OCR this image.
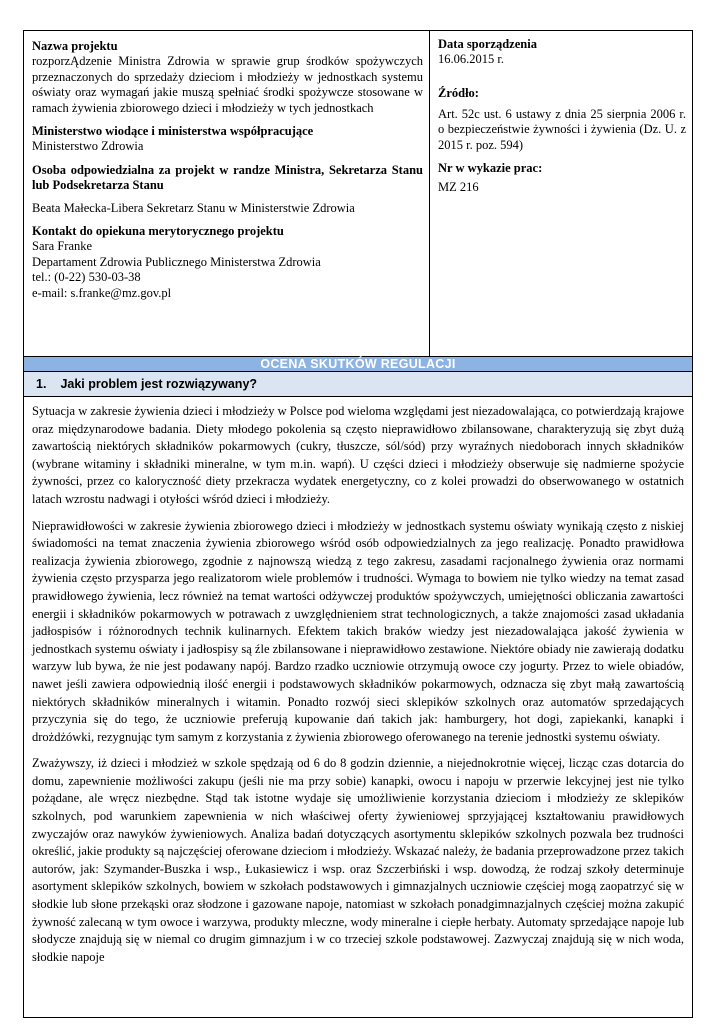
Nazwa projektu
rozporzĄdzenie Ministra Zdrowia w sprawie grup środków spożywczych przeznaczonych do sprzedaży dzieciom i młodzieży w jednostkach systemu oświaty oraz wymagań jakie muszą spełniać środki spożywcze stosowane w ramach żywienia zbiorowego dzieci i młodzieży w tych jednostkach
Ministerstwo wiodące i ministerstwa współpracujące
Ministerstwo Zdrowia
Osoba odpowiedzialna za projekt w randze Ministra, Sekretarza Stanu lub Podsekretarza Stanu
Beata Małecka-Libera Sekretarz Stanu w Ministerstwie Zdrowia
Kontakt do opiekuna merytorycznego projektu
Sara Franke
Departament Zdrowia Publicznego Ministerstwa Zdrowia
tel.: (0-22) 530-03-38
e-mail: s.franke@mz.gov.pl
Data sporządzenia
16.06.2015 r.
Źródło:
Art. 52c ust. 6 ustawy z dnia 25 sierpnia 2006 r. o bezpieczeństwie żywności i żywienia (Dz. U. z 2015 r. poz. 594)
Nr w wykazie prac:
MZ 216
OCENA SKUTKÓW REGULACJI
1. Jaki problem jest rozwiązywany?

Sytuacja w zakresie żywienia dzieci i młodzieży w Polsce pod wieloma względami jest niezadowalająca, co potwierdzają krajowe oraz międzynarodowe badania. Diety młodego pokolenia są często nieprawidłowo zbilansowane, charakteryzują się zbyt dużą zawartością niektórych składników pokarmowych (cukry, tłuszcze, sól/sód) przy wyraźnych niedoborach innych składników (wybrane witaminy i składniki mineralne, w tym m.in. wapń). U części dzieci i młodzieży obserwuje się nadmierne spożycie żywności, przez co kaloryczność diety przekracza wydatek energetyczny, co z kolei prowadzi do obserwowanego w ostatnich latach wzrostu nadwagi i otyłości wśród dzieci i młodzieży.

Nieprawidłowości w zakresie żywienia zbiorowego dzieci i młodzieży w jednostkach systemu oświaty wynikają często z niskiej świadomości na temat znaczenia żywienia zbiorowego wśród osób odpowiedzialnych za jego realizację. Ponadto prawidłowa realizacja żywienia zbiorowego, zgodnie z najnowszą wiedzą z tego zakresu, zasadami racjonalnego żywienia oraz normami żywienia często przysparza jego realizatorom wiele problemów i trudności. Wymaga to bowiem nie tylko wiedzy na temat zasad prawidłowego żywienia, lecz również na temat wartości odżywczej produktów spożywczych, umiejętności obliczania zawartości energii i składników pokarmowych w potrawach z uwzględnieniem strat technologicznych, a także znajomości zasad układania jadłospisów i różnorodnych technik kulinarnych. Efektem takich braków wiedzy jest niezadowalająca jakość żywienia w jednostkach systemu oświaty i jadłospisy są źle zbilansowane i nieprawidłowo zestawione. Niektóre obiady nie zawierają dodatku warzyw lub bywa, że nie jest podawany napój. Bardzo rzadko uczniowie otrzymują owoce czy jogurty. Przez to wiele obiadów, nawet jeśli zawiera odpowiednią ilość energii i podstawowych składników pokarmowych, odznacza się zbyt małą zawartością niektórych składników mineralnych i witamin. Ponadto rozwój sieci sklepików szkolnych oraz automatów sprzedających przyczynia się do tego, że uczniowie preferują kupowanie dań takich jak: hamburgery, hot dogi, zapiekanki, kanapki i drożdżówki, rezygnując tym samym z korzystania z żywienia zbiorowego oferowanego na terenie jednostki systemu oświaty.

Zważywszy, iż dzieci i młodzież w szkole spędzają od 6 do 8 godzin dziennie, a niejednokrotnie więcej, licząc czas dotarcia do domu, zapewnienie możliwości zakupu (jeśli nie ma przy sobie) kanapki, owocu i napoju w przerwie lekcyjnej jest nie tylko pożądane, ale wręcz niezbędne. Stąd tak istotne wydaje się umożliwienie korzystania dzieciom i młodzieży ze sklepików szkolnych, pod warunkiem zapewnienia w nich właściwej oferty żywieniowej sprzyjającej kształtowaniu prawidłowych zwyczajów oraz nawyków żywieniowych. Analiza badań dotyczących asortymentu sklepików szkolnych pozwala bez trudności określić, jakie produkty są najczęściej oferowane dzieciom i młodzieży. Wskazać należy, że badania przeprowadzone przez takich autorów, jak: Szymander-Buszka i wsp., Łukasiewicz i wsp. oraz Szczerbiński i wsp. dowodzą, że rodzaj szkoły determinuje asortyment sklepików szkolnych, bowiem w szkołach podstawowych i gimnazjalnych uczniowie częściej mogą zaopatrzyć się w słodkie lub słone przekąski oraz słodzone i gazowane napoje, natomiast w szkołach ponadgimnazjalnych częściej można zakupić żywność zalecaną w tym owoce i warzywa, produkty mleczne, wody mineralne i ciepłe herbaty. Automaty sprzedające napoje lub słodycze znajdują się w niemal co drugim gimnazjum i w co trzeciej szkole podstawowej. Zazwyczaj znajdują się w nich woda, słodkie napoje
